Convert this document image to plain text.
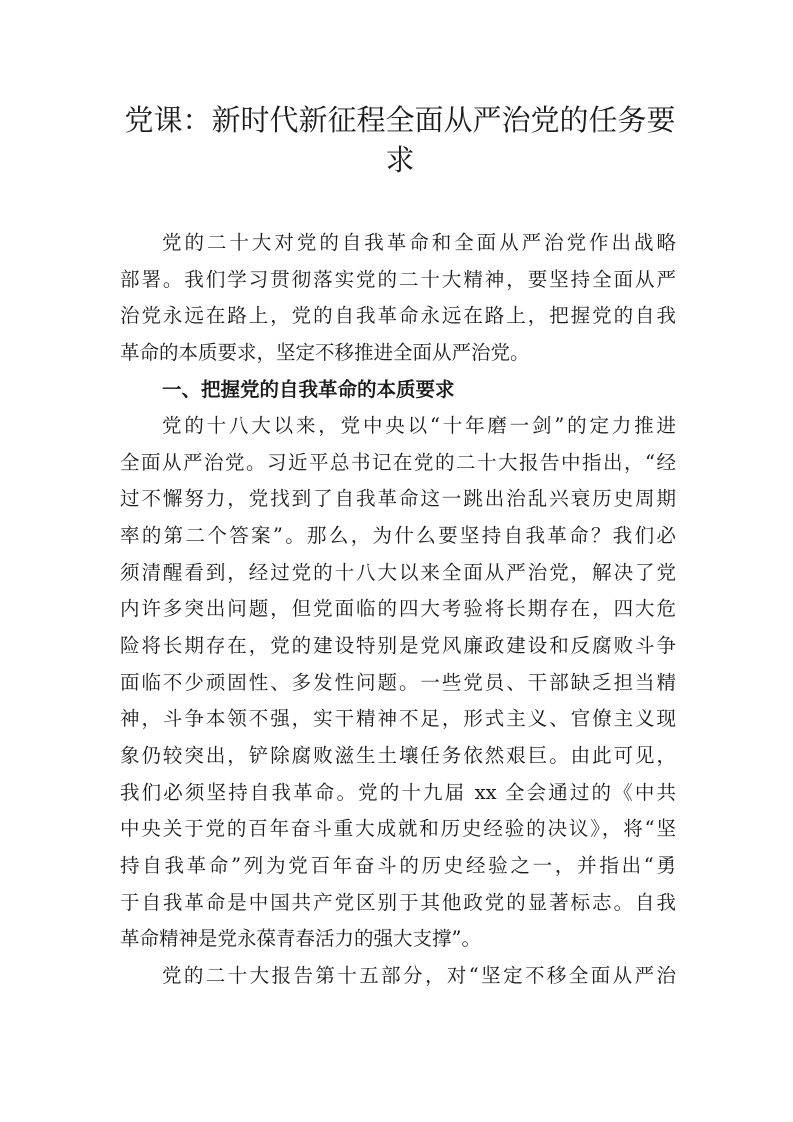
党课：新时代新征程全面从严治党的任务要
求
党的二十大对党的自我革命和全面从严治党作出战略
部署。我们学习贯彻落实党的二十大精神，要坚持全面从严
治党永远在路上，党的自我革命永远在路上，把握党的自我
革命的本质要求，坚定不移推进全面从严治党。
一、把握党的自我革命的本质要求
党的十八大以来，党中央以“十年磨一剑”的定力推进
全面从严治党。习近平总书记在党的二十大报告中指出，“经
过不懈努力，党找到了自我革命这一跳出治乱兴衰历史周期
率的第二个答案”。那么，为什么要坚持自我革命？我们必
须清醒看到，经过党的十八大以来全面从严治党，解决了党
内许多突出问题，但党面临的四大考验将长期存在，四大危
险将长期存在，党的建设特别是党风廉政建设和反腐败斗争
面临不少顽固性、多发性问题。一些党员、干部缺乏担当精
神，斗争本领不强，实干精神不足，形式主义、官僚主义现
象仍较突出，铲除腐败滋生土壤任务依然艰巨。由此可见，
我们必须坚持自我革命。党的十九届 xx 全会通过的《中共
中央关于党的百年奋斗重大成就和历史经验的决议》，将“坚
持自我革命”列为党百年奋斗的历史经验之一，并指出“勇
于自我革命是中国共产党区别于其他政党的显著标志。自我
革命精神是党永葆青春活力的强大支撑”。
党的二十大报告第十五部分，对“坚定不移全面从严治
